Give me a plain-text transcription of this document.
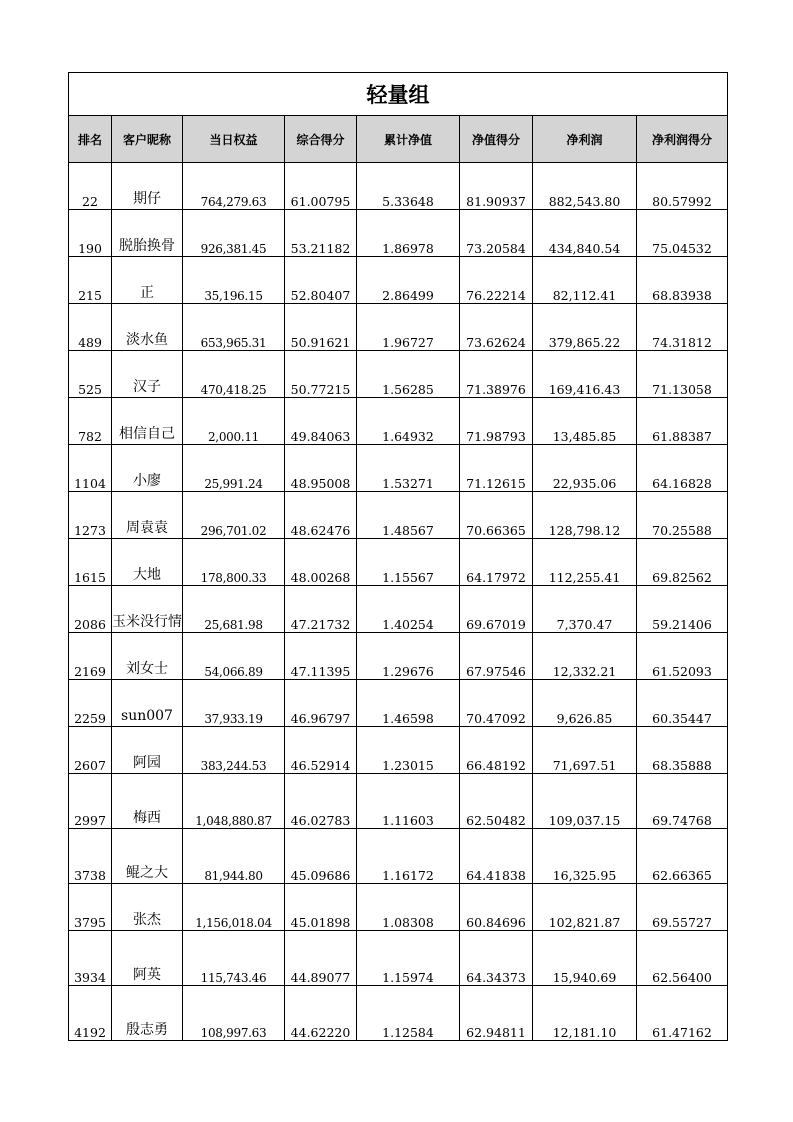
轻量组							
排名	客户昵称	当日权益	综合得分	累计净值	净值得分	净利润	净利润得分
22	期仔	764,279.63	61.00795	5.33648	81.90937	882,543.80	80.57992
190	脱胎换骨	926,381.45	53.21182	1.86978	73.20584	434,840.54	75.04532
215	正	35,196.15	52.80407	2.86499	76.22214	82,112.41	68.83938
489	淡水鱼	653,965.31	50.91621	1.96727	73.62624	379,865.22	74.31812
525	汉子	470,418.25	50.77215	1.56285	71.38976	169,416.43	71.13058
782	相信自己	2,000.11	49.84063	1.64932	71.98793	13,485.85	61.88387
1104	小廖	25,991.24	48.95008	1.53271	71.12615	22,935.06	64.16828
1273	周袁袁	296,701.02	48.62476	1.48567	70.66365	128,798.12	70.25588
1615	大地	178,800.33	48.00268	1.15567	64.17972	112,255.41	69.82562
2086	玉米没行情	25,681.98	47.21732	1.40254	69.67019	7,370.47	59.21406
2169	刘女士	54,066.89	47.11395	1.29676	67.97546	12,332.21	61.52093
2259	sun007	37,933.19	46.96797	1.46598	70.47092	9,626.85	60.35447
2607	阿园	383,244.53	46.52914	1.23015	66.48192	71,697.51	68.35888
2997	梅西	1,048,880.87	46.02783	1.11603	62.50482	109,037.15	69.74768
3738	鲲之大	81,944.80	45.09686	1.16172	64.41838	16,325.95	62.66365
3795	张杰	1,156,018.04	45.01898	1.08308	60.84696	102,821.87	69.55727
3934	阿英	115,743.46	44.89077	1.15974	64.34373	15,940.69	62.56400
4192	殷志勇	108,997.63	44.62220	1.12584	62.94811	12,181.10	61.47162
